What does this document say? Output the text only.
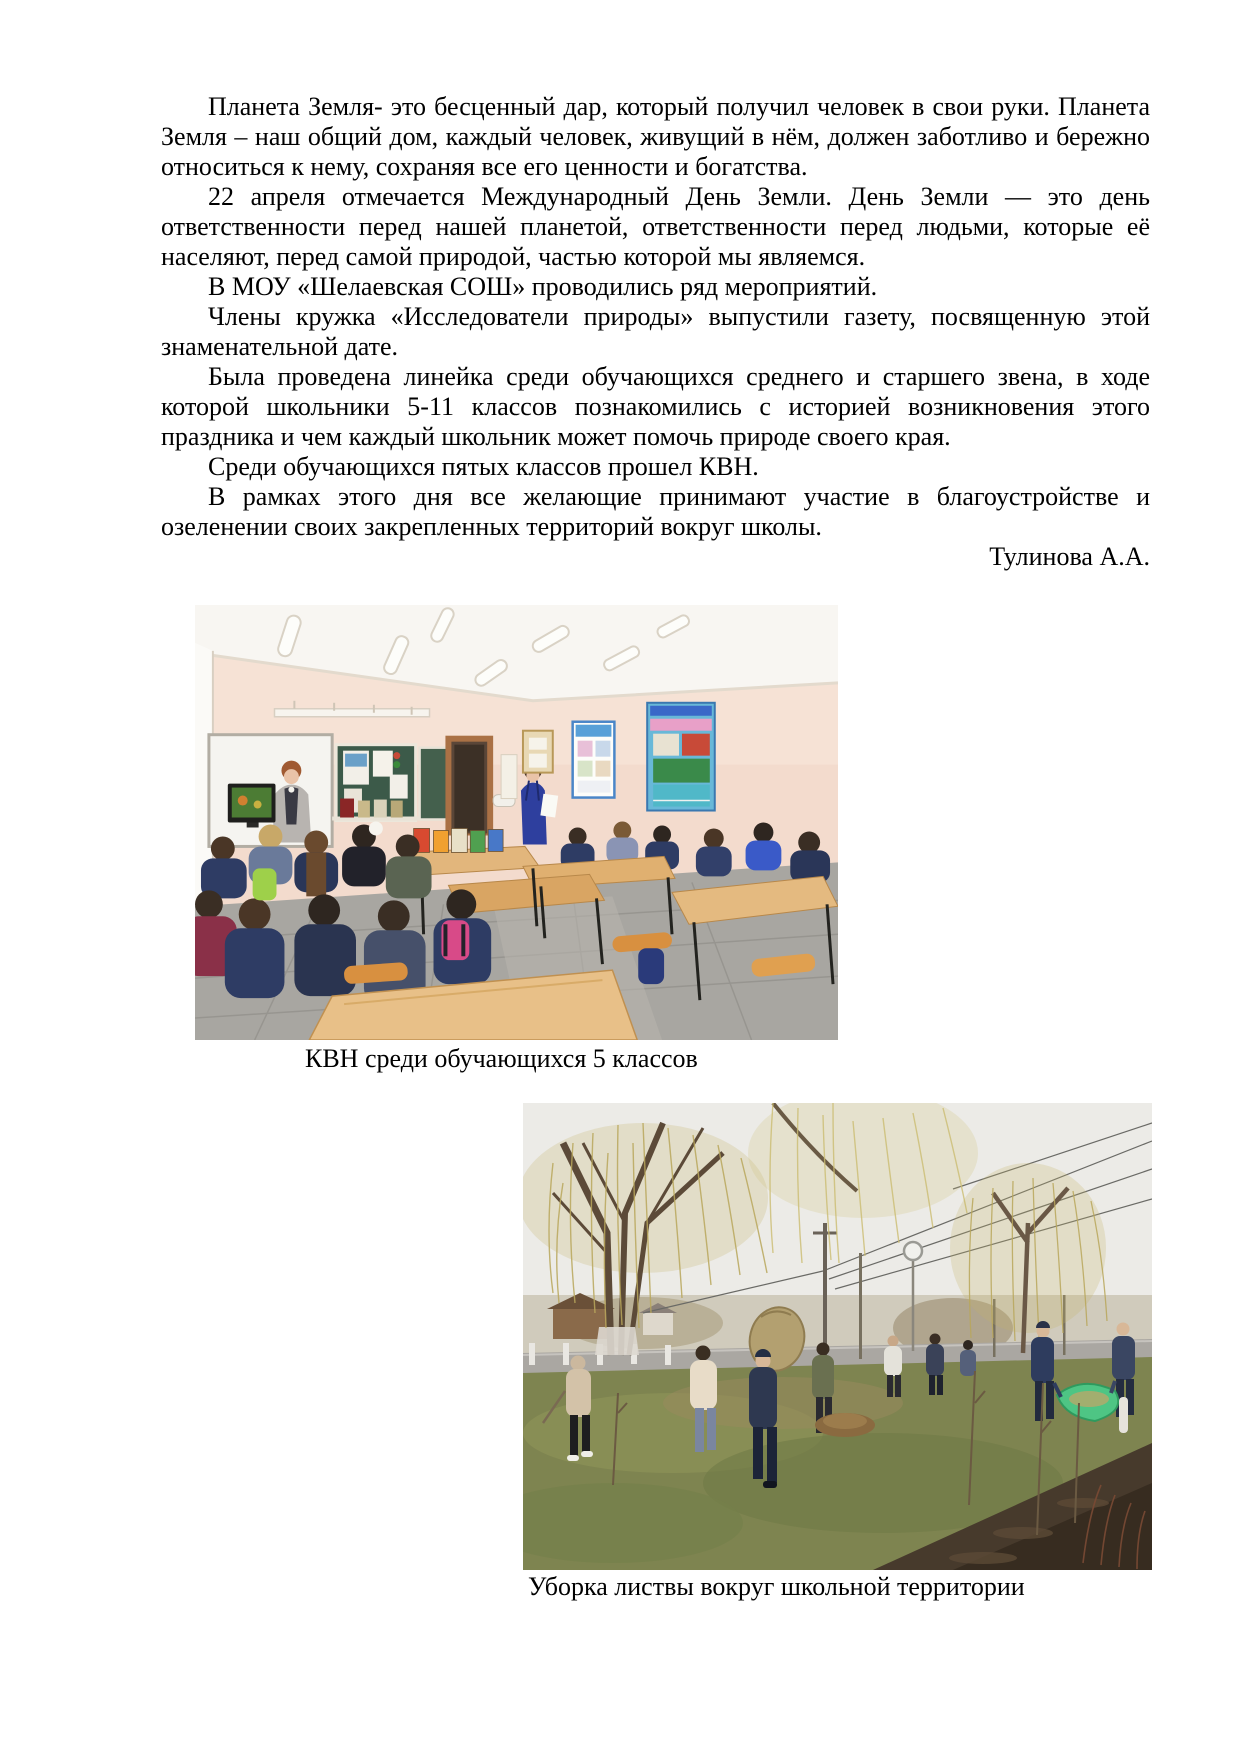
Планета Земля- это бесценный дар, который получил человек в свои руки. Планета Земля – наш общий дом, каждый человек, живущий в нём, должен заботливо и бережно относиться к нему, сохраняя все его ценности и богатства.

22 апреля отмечается Международный День Земли. День Земли — это день ответственности перед нашей планетой, ответственности перед людьми, которые её населяют, перед самой природой, частью которой мы являемся.

В МОУ «Шелаевская СОШ» проводились ряд мероприятий.

Члены кружка «Исследователи природы» выпустили газету, посвященную этой знаменательной дате.

Была проведена линейка среди обучающихся среднего и старшего звена, в ходе которой школьники 5-11 классов познакомились с историей возникновения этого праздника и чем каждый школьник может помочь природе своего края.

Среди обучающихся пятых классов прошел КВН.

В рамках этого дня все желающие принимают участие в благоустройстве и озеленении своих закрепленных территорий вокруг школы.

Тулинова А.А.

КВН среди обучающихся 5 классов
Уборка листвы вокруг школьной территории
